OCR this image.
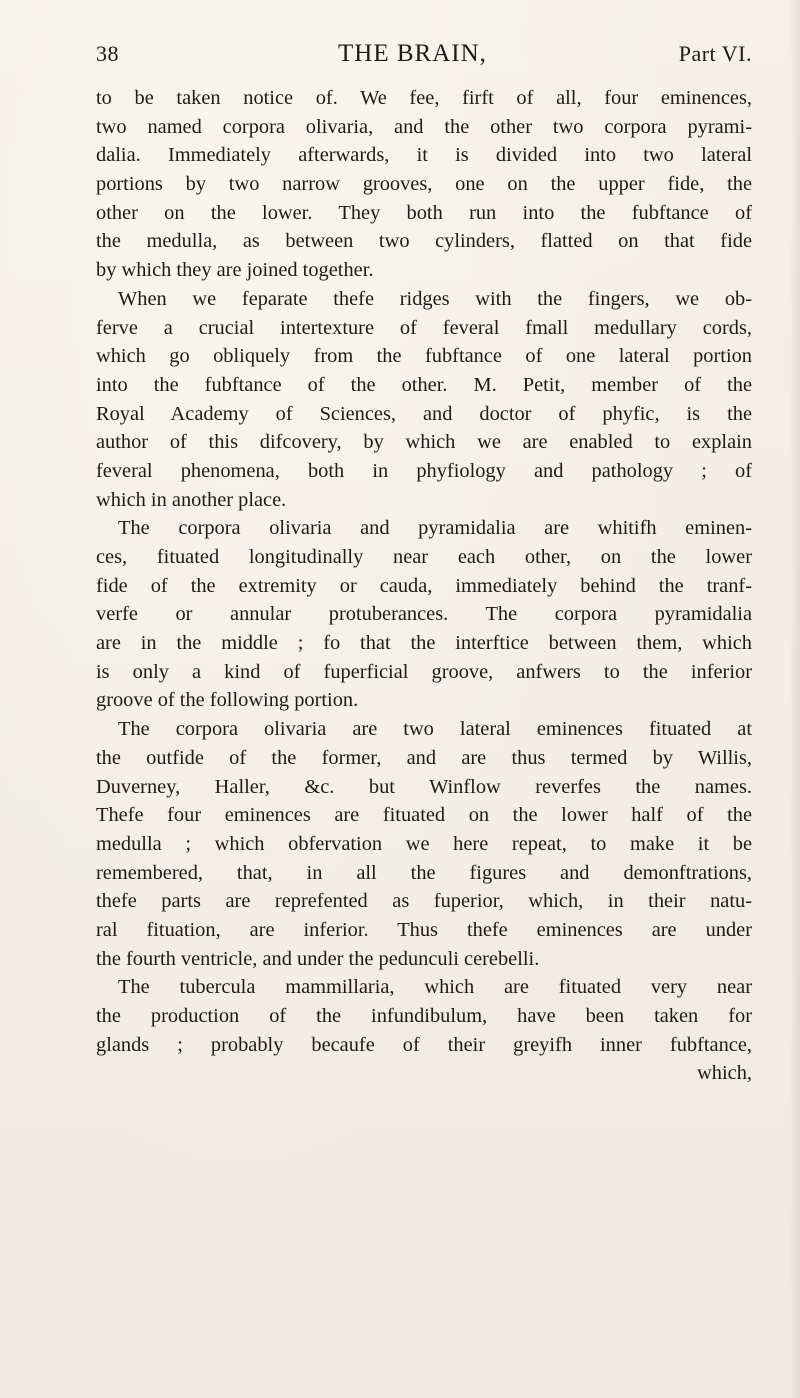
38	THE BRAIN,	Part VI.
to be taken notice of. We fee, firft of all, four eminences,
two named corpora olivaria, and the other two corpora pyrami-
dalia. Immediately afterwards, it is divided into two lateral
portions by two narrow grooves, one on the upper fide, the
other on the lower. They both run into the fubftance of
the medulla, as between two cylinders, flatted on that fide
by which they are joined together.
When we feparate thefe ridges with the fingers, we ob-
ferve a crucial intertexture of feveral fmall medullary cords,
which go obliquely from the fubftance of one lateral portion
into the fubftance of the other. M. Petit, member of the
Royal Academy of Sciences, and doctor of phyfic, is the
author of this difcovery, by which we are enabled to explain
feveral phenomena, both in phyfiology and pathology ; of
which in another place.
The corpora olivaria and pyramidalia are whitifh eminen-
ces, fituated longitudinally near each other, on the lower
fide of the extremity or cauda, immediately behind the tranf-
verfe or annular protuberances. The corpora pyramidalia
are in the middle ; fo that the interftice between them, which
is only a kind of fuperficial groove, anfwers to the inferior
groove of the following portion.
The corpora olivaria are two lateral eminences fituated at
the outfide of the former, and are thus termed by Willis,
Duverney, Haller, &c. but Winflow reverfes the names.
Thefe four eminences are fituated on the lower half of the
medulla ; which obfervation we here repeat, to make it be
remembered, that, in all the figures and demonftrations,
thefe parts are reprefented as fuperior, which, in their natu-
ral fituation, are inferior. Thus thefe eminences are under
the fourth ventricle, and under the pedunculi cerebelli.
The tubercula mammillaria, which are fituated very near
the production of the infundibulum, have been taken for
glands ; probably becaufe of their greyifh inner fubftance,
which,
